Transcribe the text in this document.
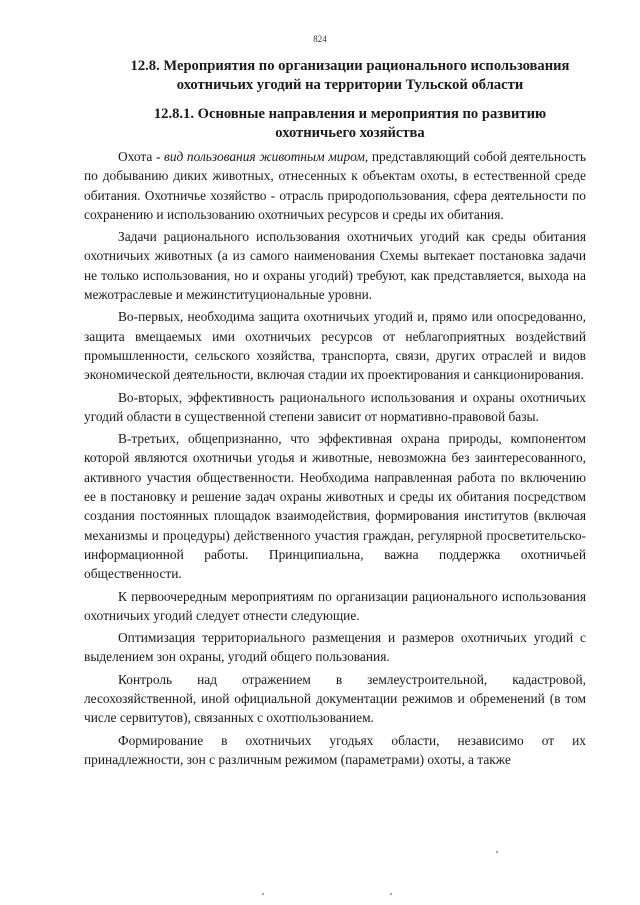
824
12.8. Мероприятия по организации рационального использования
охотничьих угодий на территории Тульской области
12.8.1. Основные направления и мероприятия по развитию
охотничьего хозяйства

Охота - вид пользования животным миром, представляющий собой деятельность по добыванию диких животных, отнесенных к объектам охоты, в естественной среде обитания. Охотничье хозяйство - отрасль природопользования, сфера деятельности по сохранению и использованию охотничьих ресурсов и среды их обитания.

Задачи рационального использования охотничьих угодий как среды обитания охотничьих животных (а из самого наименования Схемы вытекает постановка задачи не только использования, но и охраны угодий) требуют, как представляется, выхода на межотраслевые и межинституциональные уровни.

Во-первых, необходима защита охотничьих угодий и, прямо или опосредованно, защита вмещаемых ими охотничьих ресурсов от неблагоприятных воздействий промышленности, сельского хозяйства, транспорта, связи, других отраслей и видов экономической деятельности, включая стадии их проектирования и санкционирования.

Во-вторых, эффективность рационального использования и охраны охотничьих угодий области в существенной степени зависит от нормативно-правовой базы.

В-третьих, общепризнанно, что эффективная охрана природы, компонентом которой являются охотничьи угодья и животные, невозможна без заинтересованного, активного участия общественности. Необходима направленная работа по включению ее в постановку и решение задач охраны животных и среды их обитания посредством создания постоянных площадок взаимодействия, формирования институтов (включая механизмы и процедуры) действенного участия граждан, регулярной просветительско-информационной работы. Принципиальна, важна поддержка охотничьей общественности.

К первоочередным мероприятиям по организации рационального использования охотничьих угодий следует отнести следующие.

Оптимизация территориального размещения и размеров охотничьих угодий с выделением зон охраны, угодий общего пользования.

Контроль над отражением в землеустроительной, кадастровой, лесохозяйственной, иной официальной документации режимов и обременений (в том числе сервитутов), связанных с охотпользованием.

Формирование в охотничьих угодьях области, независимо от их принадлежности, зон с различным режимом (параметрами) охоты, а также
